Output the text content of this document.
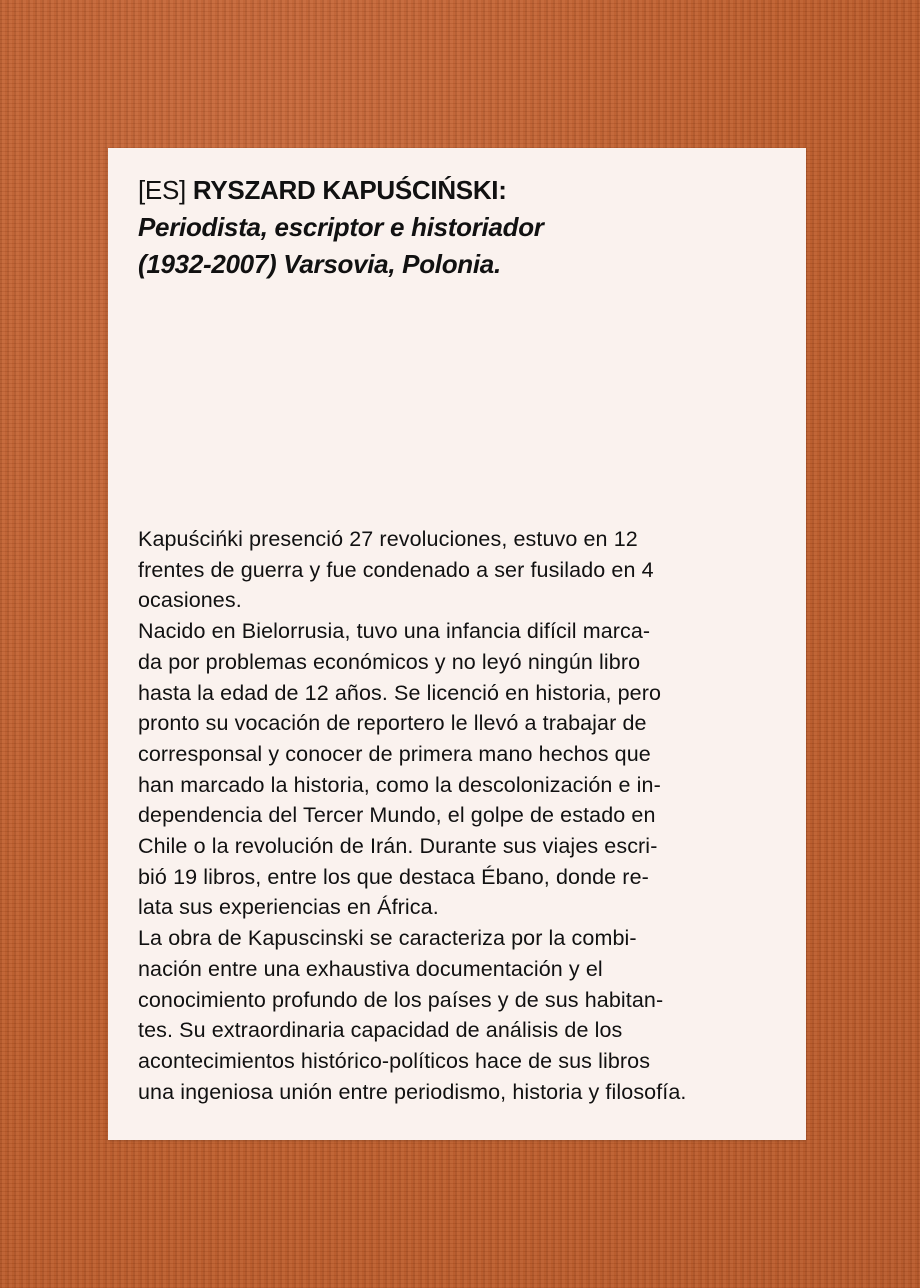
[ES] RYSZARD KAPUŚCIŃSKI:
Periodista, escriptor e historiador
(1932-2007) Varsovia, Polonia.

Kapuścińki presenció 27 revoluciones, estuvo en 12
frentes de guerra y fue condenado a ser fusilado en 4
ocasiones.

Nacido en Bielorrusia, tuvo una infancia difícil marca-
da por problemas económicos y no leyó ningún libro
hasta la edad de 12 años. Se licenció en historia, pero
pronto su vocación de reportero le llevó a trabajar de
corresponsal y conocer de primera mano hechos que
han marcado la historia, como la descolonización e in-
dependencia del Tercer Mundo, el golpe de estado en
Chile o la revolución de Irán. Durante sus viajes escri-
bió 19 libros, entre los que destaca Ébano, donde re-
lata sus experiencias en África.

La obra de Kapuscinski se caracteriza por la combi-
nación entre una exhaustiva documentación y el
conocimiento profundo de los países y de sus habitan-
tes. Su extraordinaria capacidad de análisis de los
acontecimientos histórico-políticos hace de sus libros
una ingeniosa unión entre periodismo, historia y filosofía.
